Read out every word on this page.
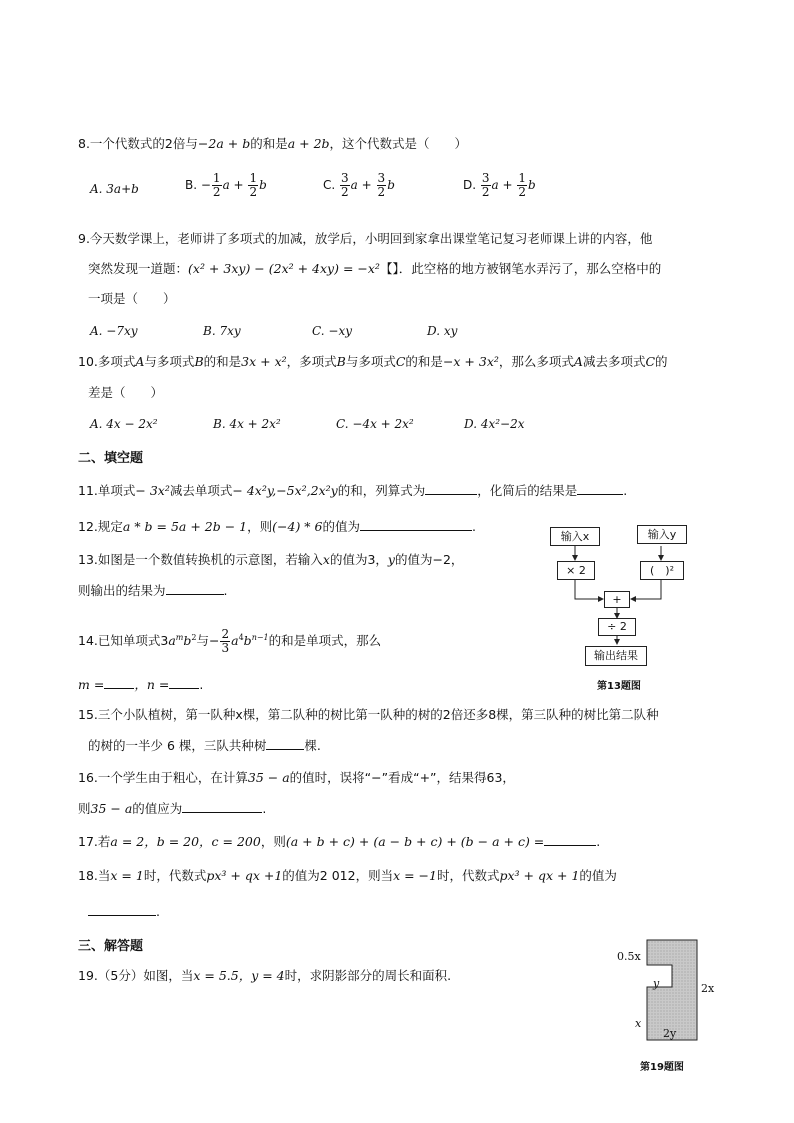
8.一个代数式的2倍与−2a + b的和是a + 2b，这个代数式是（　　）
A. 3a+b	B. − $\frac{1}{2}$ $a + \frac{1}{2}$ b	C. $\frac{3}{2}$ $a + \frac{3}{2}$ b	D. $\frac{3}{2}$ $a + \frac{1}{2}$ b
9.今天数学课上，老师讲了多项式的加减，放学后，小明回到家拿出课堂笔记复习老师课上讲的内容，他
突然发现一道题：(x² + 3xy) − (2x² + 4xy) = −x²【】．此空格的地方被钢笔水弄污了，那么空格中的
一项是（　　）
A. −7xy	B. 7xy	C. −xy	D. xy
10.多项式A与多项式B的和是3x + x²，多项式B与多项式C的和是−x + 3x²，那么多项式A减去多项式C的
差是（　　）
A. 4x − 2x²	B. 4x + 2x²	C. −4x + 2x²	D. 4x²−2x
二、填空题
11.单项式− 3x²减去单项式− 4x²y,−5x²,2x²y的和，列算式为	，化简后的结果是	.
12.规定a * b = 5a + 2b − 1，则(−4) * 6的值为	.
13.如图是一个数值转换机的示意图，若输入x的值为3，y的值为−2，
则输出的结果为	.
14.已知单项式$3a^mb^2$与− $\frac{2}{3} a^4b^{n-1}$的和是单项式，那么
m = ，n = .
15.三个小队植树，第一队种x棵，第二队种的树比第一队种的树的2倍还多8棵，第三队种的树比第二队种
的树的一半少 6 棵，三队共种树	棵.
16.一个学生由于粗心，在计算35 − a的值时，误将“−”看成“+”，结果得63，
则35 − a的值应为	.
17.若a = 2，b = 20，c = 200，则(a + b + c) + (a − b + c) + (b − a + c) =	.
18.当x = 1时，代数式px³ + qx +1的值为2 012，则当x = −1时，代数式px³ + qx + 1的值为
.
三、解答题
19.（5分）如图，当x = 5.5，y = 4时，求阴影部分的周长和面积.
输入x	输入y
× 2	(　)²
+
÷ 2
输出结果
第13题图
0.5x
y	2x
x
2y
第19题图
